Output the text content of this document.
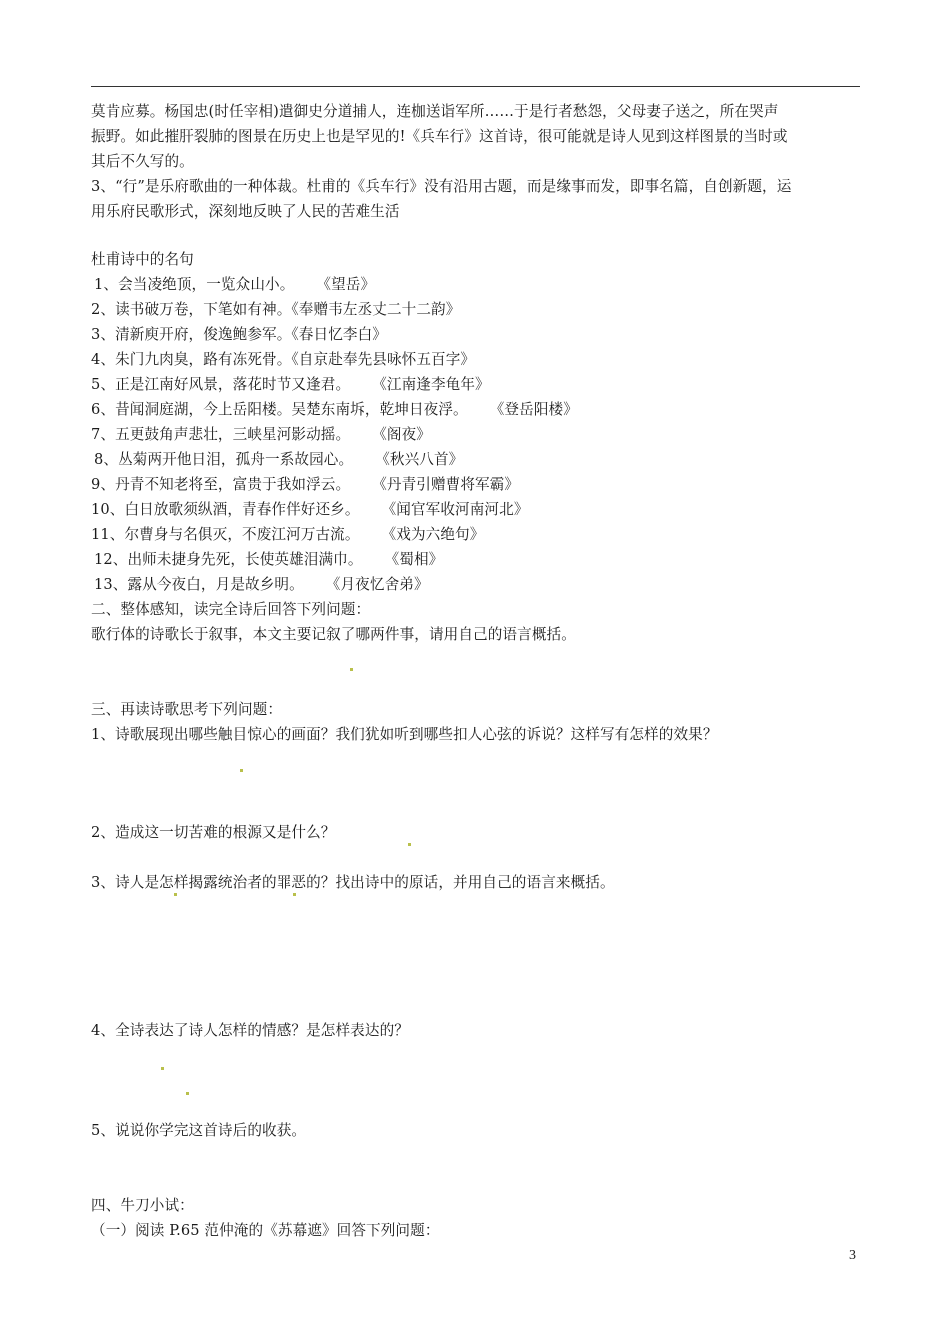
莫肯应募。杨国忠(时任宰相)遣御史分道捕人，连枷送诣军所……于是行者愁怨，父母妻子送之，所在哭声
振野。如此摧肝裂肺的图景在历史上也是罕见的!《兵车行》这首诗，很可能就是诗人见到这样图景的当时或
其后不久写的。
3、“行”是乐府歌曲的一种体裁。杜甫的《兵车行》没有沿用古题，而是缘事而发，即事名篇，自创新题，运
用乐府民歌形式，深刻地反映了人民的苦难生活
杜甫诗中的名句
1、会当凌绝顶，一览众山小。 《望岳》
2、读书破万卷，下笔如有神。《奉赠韦左丞丈二十二韵》
3、清新庾开府，俊逸鲍参军。《春日忆李白》
4、朱门九肉臭，路有冻死骨。《自京赴奉先县咏怀五百字》
5、正是江南好风景，落花时节又逢君。 《江南逢李龟年》
6、昔闻洞庭湖，今上岳阳楼。吴楚东南坼，乾坤日夜浮。 《登岳阳楼》
7、五更鼓角声悲壮，三峡星河影动摇。 《阁夜》
8、丛菊两开他日泪，孤舟一系故园心。 《秋兴八首》
9、丹青不知老将至，富贵于我如浮云。 《丹青引赠曹将军霸》
10、白日放歌须纵酒，青春作伴好还乡。 《闻官军收河南河北》
11、尔曹身与名俱灭，不废江河万古流。 《戏为六绝句》
12、出师未捷身先死，长使英雄泪满巾。 《蜀相》
13、露从今夜白，月是故乡明。 《月夜忆舍弟》
二、整体感知，读完全诗后回答下列问题：
歌行体的诗歌长于叙事，本文主要记叙了哪两件事，请用自己的语言概括。
三、再读诗歌思考下列问题：
1、诗歌展现出哪些触目惊心的画面？我们犹如听到哪些扣人心弦的诉说？这样写有怎样的效果？
2、造成这一切苦难的根源又是什么？
3、诗人是怎样揭露统治者的罪恶的？找出诗中的原话，并用自己的语言来概括。
4、全诗表达了诗人怎样的情感？是怎样表达的？
5、说说你学完这首诗后的收获。
四、牛刀小试：
（一）阅读 P.65 范仲淹的《苏幕遮》回答下列问题：
3
